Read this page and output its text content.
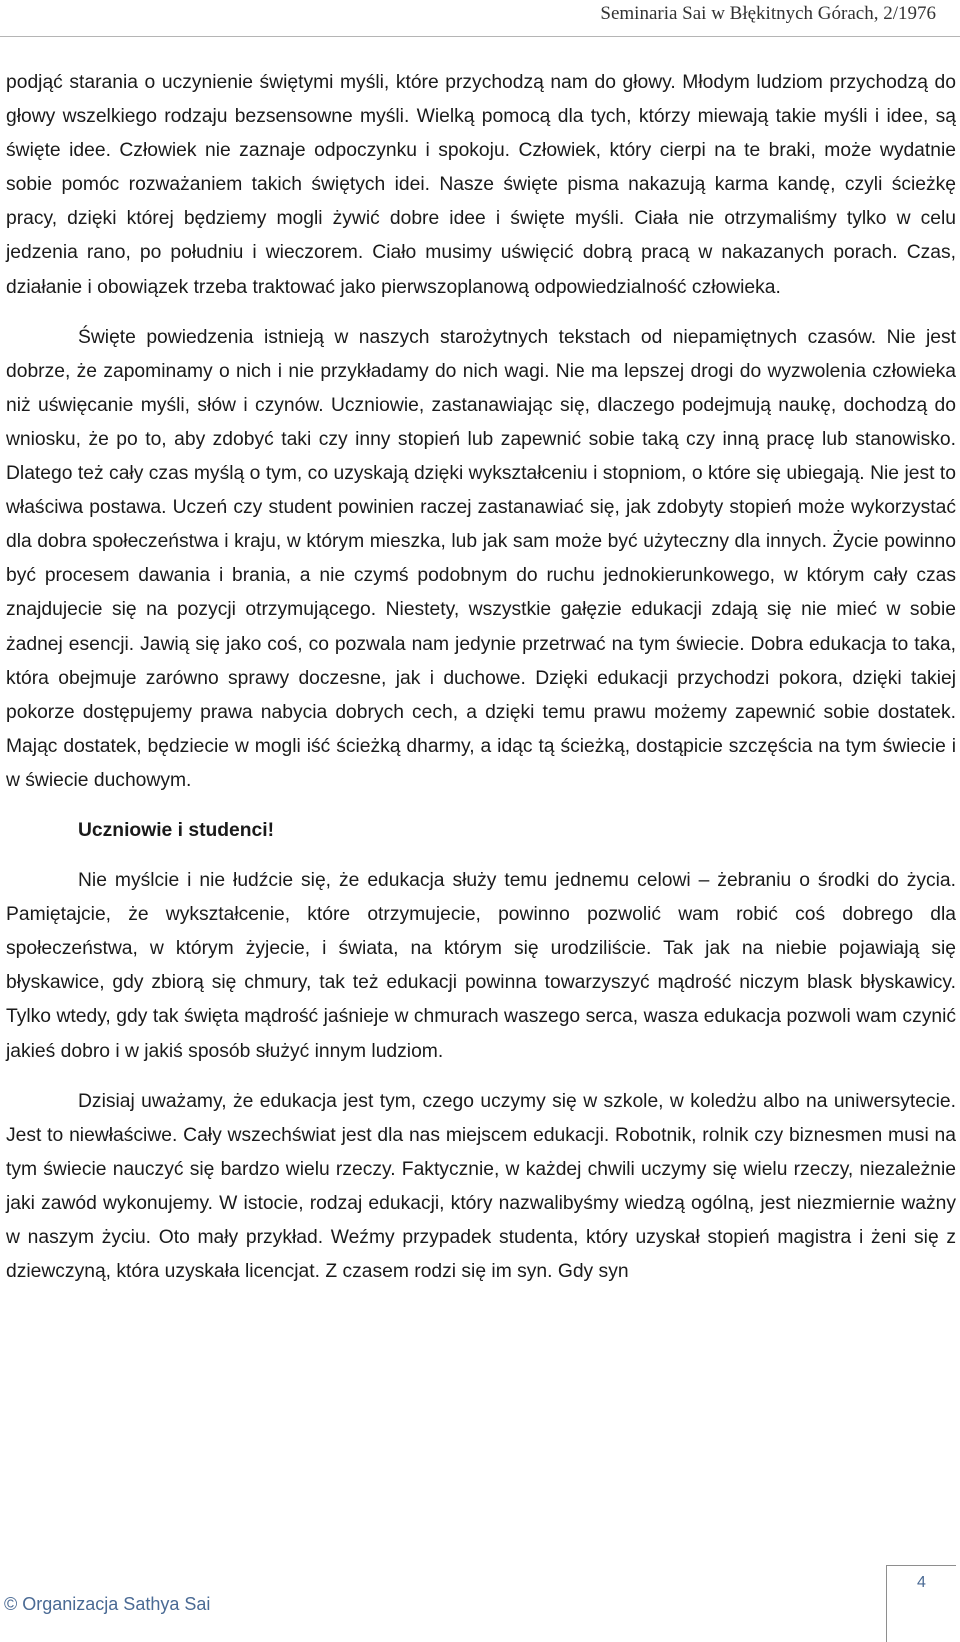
Seminaria Sai w Błękitnych Górach, 2/1976

podjąć starania o uczynienie świętymi myśli, które przychodzą nam do głowy. Młodym ludziom przychodzą do głowy wszelkiego rodzaju bezsensowne myśli. Wielką pomocą dla tych, którzy miewają takie myśli i idee, są święte idee. Człowiek nie zaznaje odpoczynku i spokoju. Człowiek, który cierpi na te braki, może wydatnie sobie pomóc rozważaniem takich świętych idei. Nasze święte pisma nakazują karma kandę, czyli ścieżkę pracy, dzięki której będziemy mogli żywić dobre idee i święte myśli. Ciała nie otrzymaliśmy tylko w celu jedzenia rano, po południu i wieczorem. Ciało musimy uświęcić dobrą pracą w nakazanych porach. Czas, działanie i obowiązek trzeba traktować jako pierwszoplanową odpowiedzialność człowieka.

Święte powiedzenia istnieją w naszych starożytnych tekstach od niepamiętnych czasów. Nie jest dobrze, że zapominamy o nich i nie przykładamy do nich wagi. Nie ma lepszej drogi do wyzwolenia człowieka niż uświęcanie myśli, słów i czynów. Uczniowie, zastanawiając się, dlaczego podejmują naukę, dochodzą do wniosku, że po to, aby zdobyć taki czy inny stopień lub zapewnić sobie taką czy inną pracę lub stanowisko. Dlatego też cały czas myślą o tym, co uzyskają dzięki wykształceniu i stopniom, o które się ubiegają. Nie jest to właściwa postawa. Uczeń czy student powinien raczej zastanawiać się, jak zdobyty stopień może wykorzystać dla dobra społeczeństwa i kraju, w którym mieszka, lub jak sam może być użyteczny dla innych. Życie powinno być procesem dawania i brania, a nie czymś podobnym do ruchu jednokierunkowego, w którym cały czas znajdujecie się na pozycji otrzymującego. Niestety, wszystkie gałęzie edukacji zdają się nie mieć w sobie żadnej esencji. Jawią się jako coś, co pozwala nam jedynie przetrwać na tym świecie. Dobra edukacja to taka, która obejmuje zarówno sprawy doczesne, jak i duchowe. Dzięki edukacji przychodzi pokora, dzięki takiej pokorze dostępujemy prawa nabycia dobrych cech, a dzięki temu prawu możemy zapewnić sobie dostatek. Mając dostatek, będziecie w mogli iść ścieżką dharmy, a idąc tą ścieżką, dostąpicie szczęścia na tym świecie i w świecie duchowym.

Uczniowie i studenci!

Nie myślcie i nie łudźcie się, że edukacja służy temu jednemu celowi – żebraniu o środki do życia. Pamiętajcie, że wykształcenie, które otrzymujecie, powinno pozwolić wam robić coś dobrego dla społeczeństwa, w którym żyjecie, i świata, na którym się urodziliście. Tak jak na niebie pojawiają się błyskawice, gdy zbiorą się chmury, tak też edukacji powinna towarzyszyć mądrość niczym blask błyskawicy. Tylko wtedy, gdy tak święta mądrość jaśnieje w chmurach waszego serca, wasza edukacja pozwoli wam czynić jakieś dobro i w jakiś sposób służyć innym ludziom.

Dzisiaj uważamy, że edukacja jest tym, czego uczymy się w szkole, w koledżu albo na uniwersytecie. Jest to niewłaściwe. Cały wszechświat jest dla nas miejscem edukacji. Robotnik, rolnik czy biznesmen musi na tym świecie nauczyć się bardzo wielu rzeczy. Faktycznie, w każdej chwili uczymy się wielu rzeczy, niezależnie jaki zawód wykonujemy. W istocie, rodzaj edukacji, który nazwalibyśmy wiedzą ogólną, jest niezmiernie ważny w naszym życiu. Oto mały przykład. Weźmy przypadek studenta, który uzyskał stopień magistra i żeni się z dziewczyną, która uzyskała licencjat. Z czasem rodzi się im syn. Gdy syn

© Organizacja Sathya Sai
4
